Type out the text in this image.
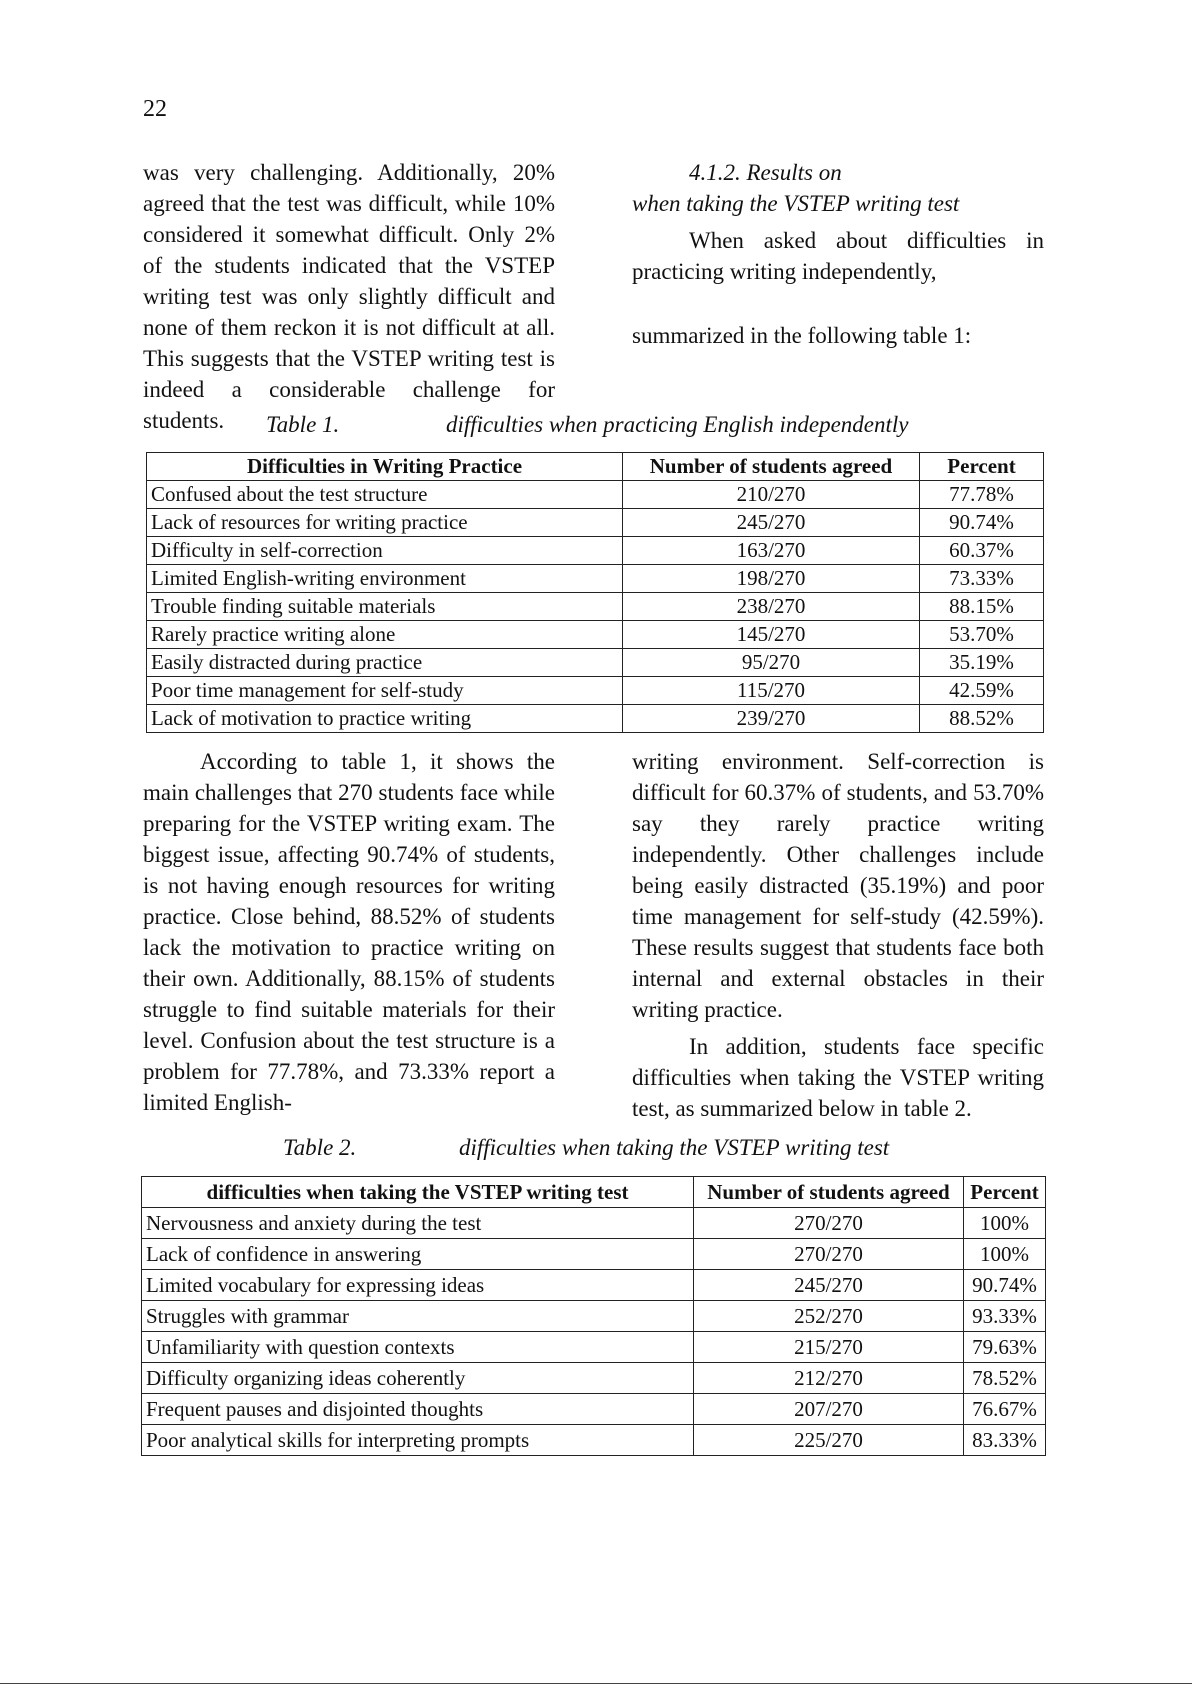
22

was very challenging. Additionally, 20% agreed that the test was difficult, while 10% considered it somewhat difficult. Only 2% of the students indicated that the VSTEP writing test was only slightly difficult and none of them reckon it is not difficult at all. This suggests that the VSTEP writing test is indeed a considerable challenge for students.

4.1.2. Results on

when taking the VSTEP writing test

When asked about difficulties in practicing writing independently,

summarized in the following table 1:

Table 1.	difficulties when practicing English independently
Difficulties in Writing Practice	Number of students agreed	Percent
Confused about the test structure	210/270	77.78%
Lack of resources for writing practice	245/270	90.74%
Difficulty in self-correction	163/270	60.37%
Limited English-writing environment	198/270	73.33%
Trouble finding suitable materials	238/270	88.15%
Rarely practice writing alone	145/270	53.70%
Easily distracted during practice	95/270	35.19%
Poor time management for self-study	115/270	42.59%
Lack of motivation to practice writing	239/270	88.52%

According to table 1, it shows the main challenges that 270 students face while preparing for the VSTEP writing exam. The biggest issue, affecting 90.74% of students, is not having enough resources for writing practice. Close behind, 88.52% of students lack the motivation to practice writing on their own. Additionally, 88.15% of students struggle to find suitable materials for their level. Confusion about the test structure is a problem for 77.78%, and 73.33% report a limited English-

writing environment. Self-correction is difficult for 60.37% of students, and 53.70% say they rarely practice writing independently. Other challenges include being easily distracted (35.19%) and poor time management for self-study (42.59%). These results suggest that students face both internal and external obstacles in their writing practice.

In addition, students face specific difficulties when taking the VSTEP writing test, as summarized below in table 2.

Table 2.	difficulties when taking the VSTEP writing test
difficulties when taking the VSTEP writing test	Number of students agreed	Percent
Nervousness and anxiety during the test	270/270	100%
Lack of confidence in answering	270/270	100%
Limited vocabulary for expressing ideas	245/270	90.74%
Struggles with grammar	252/270	93.33%
Unfamiliarity with question contexts	215/270	79.63%
Difficulty organizing ideas coherently	212/270	78.52%
Frequent pauses and disjointed thoughts	207/270	76.67%
Poor analytical skills for interpreting prompts	225/270	83.33%
